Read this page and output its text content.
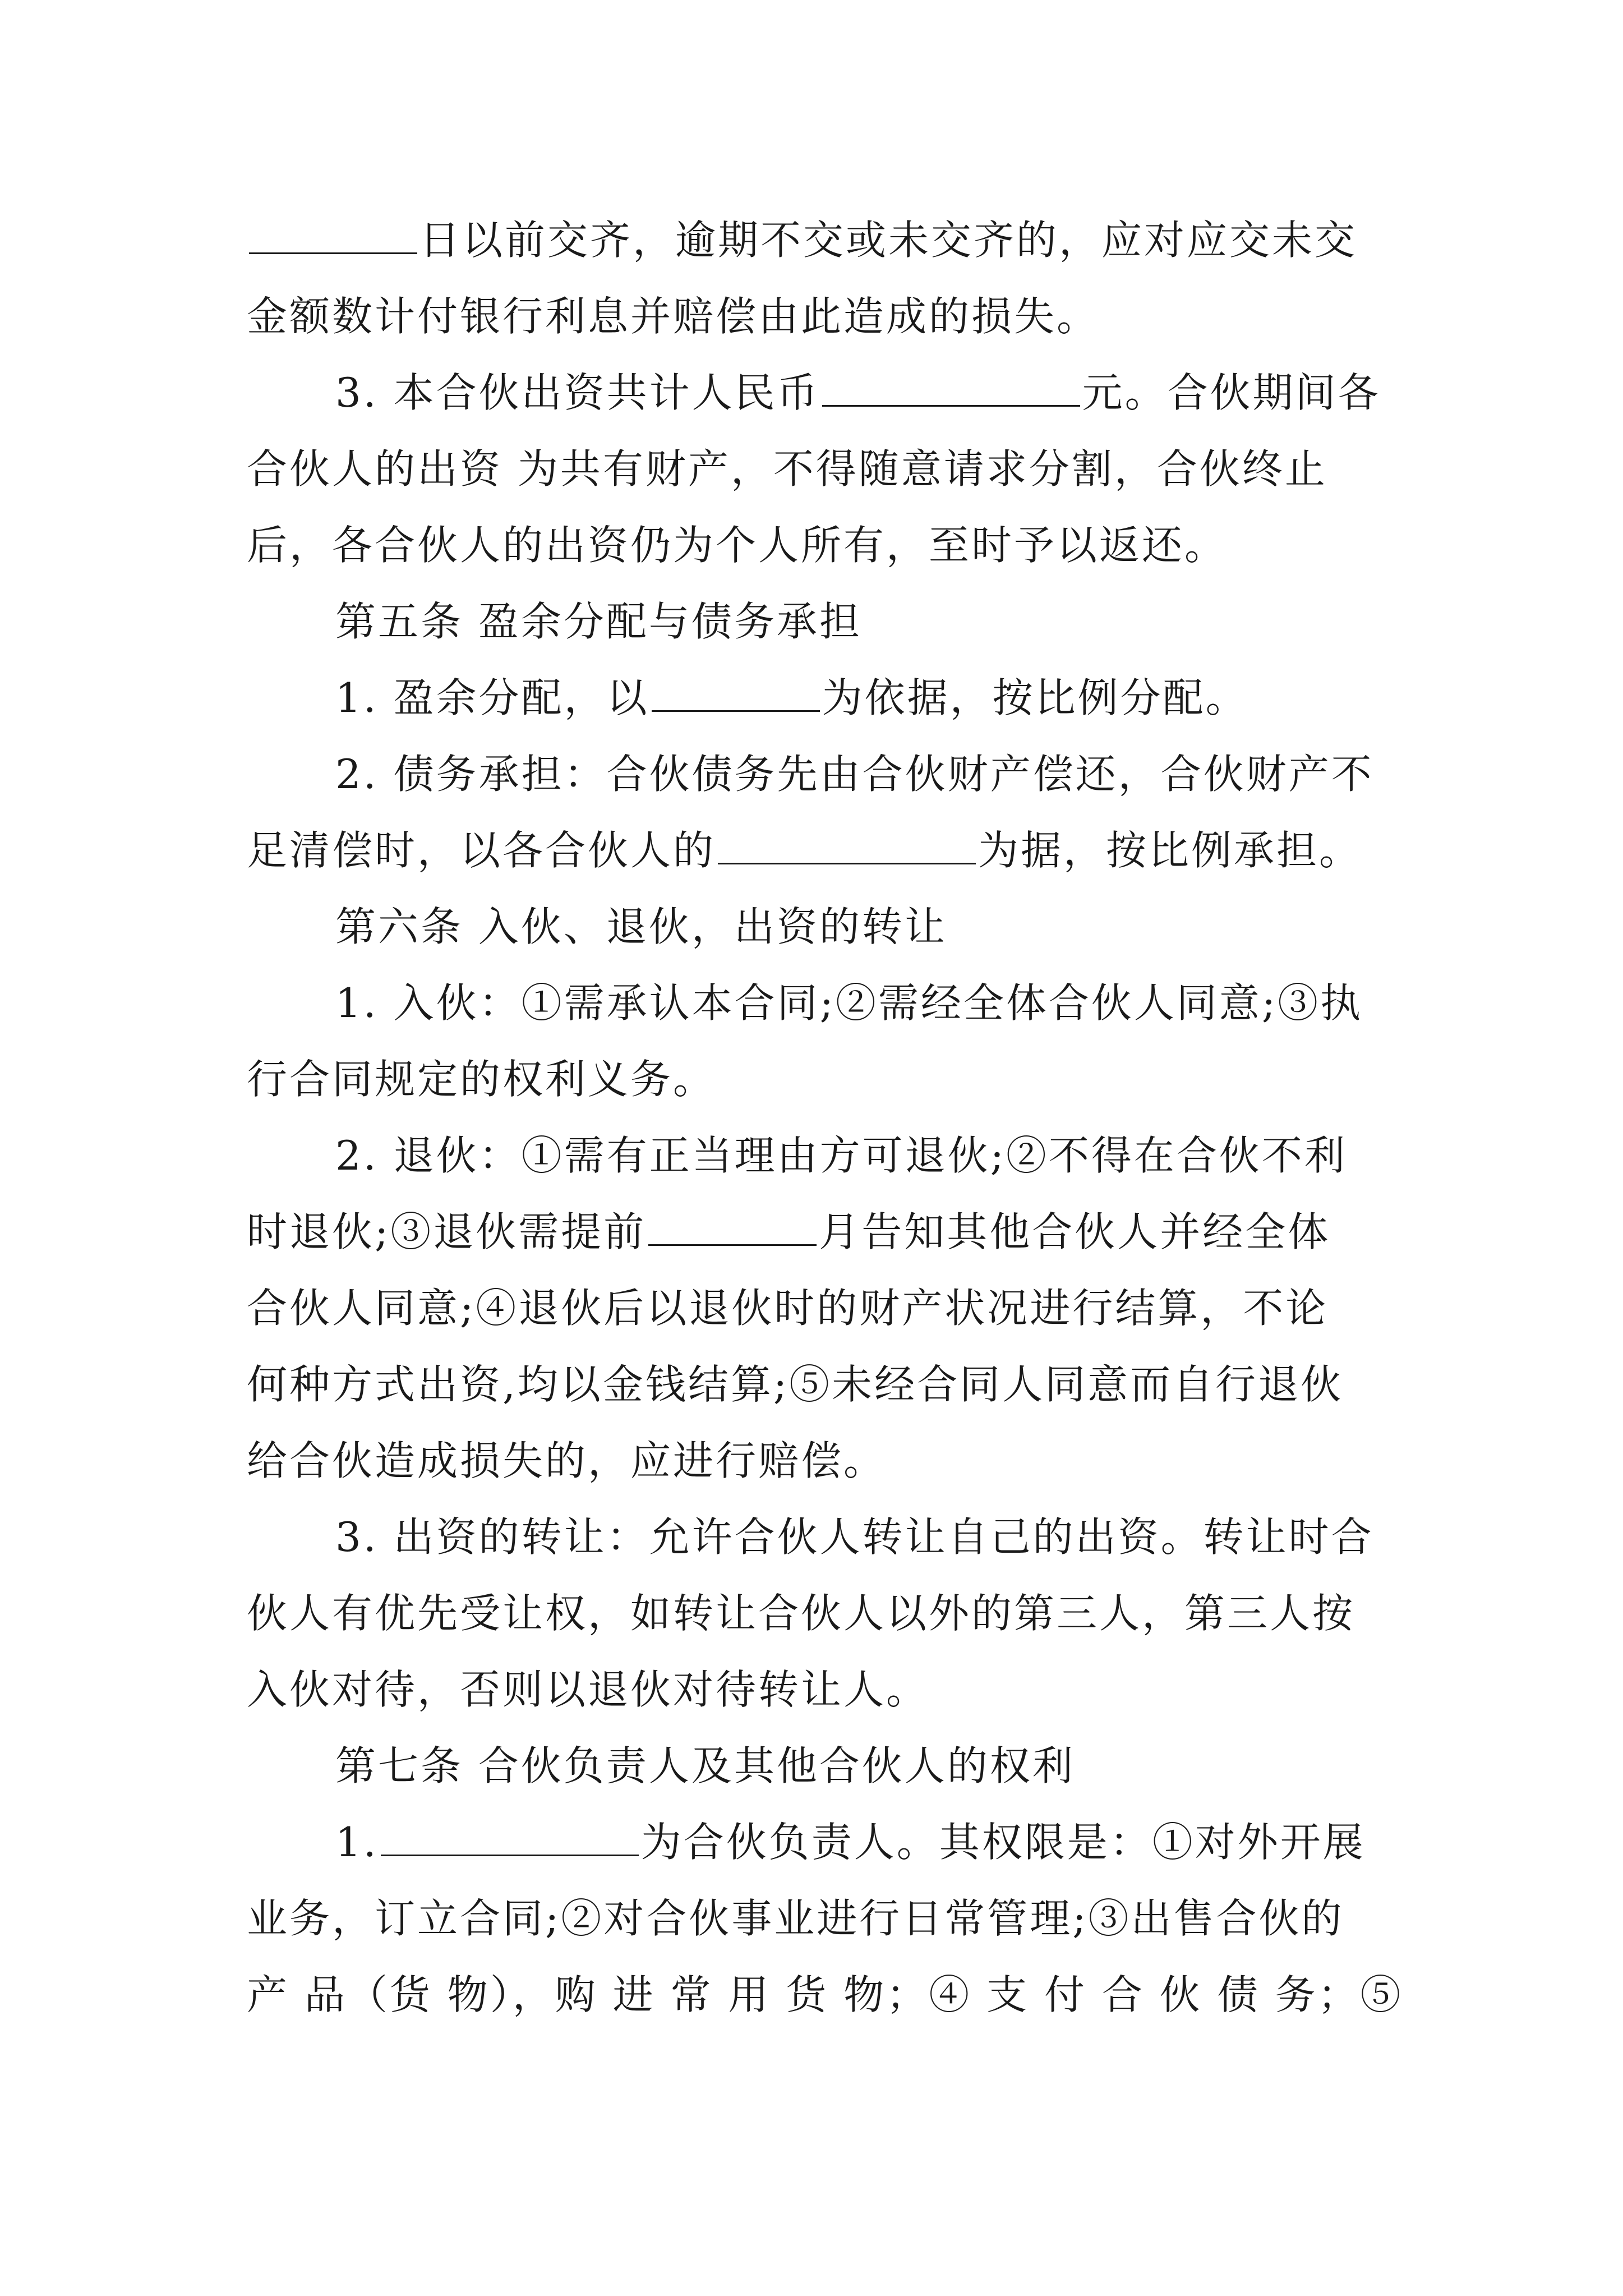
日以前交齐，逾期不交或未交齐的，应对应交未交
金额数计付银行利息并赔偿由此造成的损失。
3. 本合伙出资共计人民币	元。合伙期间各
合伙人的出资 为共有财产，不得随意请求分割，合伙终止
后，各合伙人的出资仍为个人所有，至时予以返还。
第五条 盈余分配与债务承担
1. 盈余分配，以	为依据，按比例分配。
2. 债务承担：合伙债务先由合伙财产偿还，合伙财产不
足清偿时，以各合伙人的	为据，按比例承担。
第六条 入伙、退伙，出资的转让
1. 入伙：①需承认本合同;②需经全体合伙人同意;③执
行合同规定的权利义务。
2. 退伙：①需有正当理由方可退伙;②不得在合伙不利
时退伙;③退伙需提前	月告知其他合伙人并经全体
合伙人同意;④退伙后以退伙时的财产状况进行结算，不论
何种方式出资,均以金钱结算;⑤未经合同人同意而自行退伙
给合伙造成损失的，应进行赔偿。
3. 出资的转让：允许合伙人转让自己的出资。转让时合
伙人有优先受让权，如转让合伙人以外的第三人，第三人按
入伙对待，否则以退伙对待转让人。
第七条 合伙负责人及其他合伙人的权利
1.	为合伙负责人。其权限是：①对外开展
业务，订立合同;②对合伙事业进行日常管理;③出售合伙的
产 品（货 物），购 进 常 用 货 物；④ 支 付 合 伙 债 务；⑤
